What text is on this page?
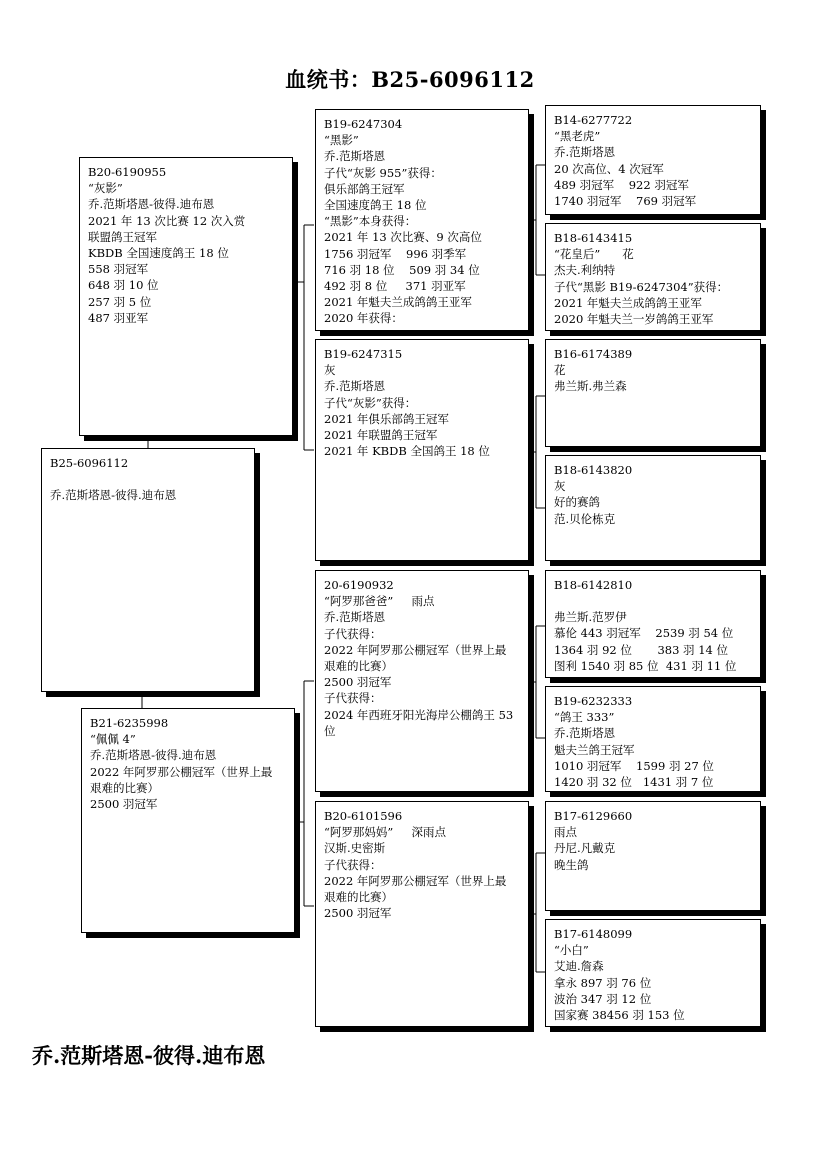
血统书：B25-6096112
B25-6096112
乔.范斯塔恩-彼得.迪布恩
B20-6190955
“灰影”
乔.范斯塔恩-彼得.迪布恩
2021 年 13 次比赛 12 次入赏
联盟鸽王冠军
KBDB 全国速度鸽王 18 位
558 羽冠军
648 羽 10 位
257 羽 5 位
487 羽亚军
B21-6235998
“佩佩 4”
乔.范斯塔恩-彼得.迪布恩
2022 年阿罗那公棚冠军（世界上最
艰难的比赛）
2500 羽冠军
B19-6247304
“黑影”
乔.范斯塔恩
子代“灰影 955”获得：
俱乐部鸽王冠军
全国速度鸽王 18 位
“黑影”本身获得：
2021 年 13 次比赛、9 次高位
1756 羽冠军    996 羽季军
716 羽 18 位    509 羽 34 位
492 羽 8 位     371 羽亚军
2021 年魁夫兰成鸽鸽王亚军
2020 年获得：
B19-6247315
灰
乔.范斯塔恩
子代“灰影”获得：
2021 年俱乐部鸽王冠军
2021 年联盟鸽王冠军
2021 年 KBDB 全国鸽王 18 位
20-6190932
“阿罗那爸爸”     雨点
乔.范斯塔恩
子代获得：
2022 年阿罗那公棚冠军（世界上最
艰难的比赛）
2500 羽冠军
子代获得：
2024 年西班牙阳光海岸公棚鸽王 53
位
B20-6101596
“阿罗那妈妈”     深雨点
汉斯.史密斯
子代获得：
2022 年阿罗那公棚冠军（世界上最
艰难的比赛）
2500 羽冠军
B14-6277722
“黑老虎”
乔.范斯塔恩
20 次高位、4 次冠军
489 羽冠军    922 羽冠军
1740 羽冠军    769 羽冠军
B18-6143415
“花皇后”      花
杰夫.利纳特
子代“黑影 B19-6247304”获得：
2021 年魁夫兰成鸽鸽王亚军
2020 年魁夫兰一岁鸽鸽王亚军
B16-6174389
花
弗兰斯.弗兰森
B18-6143820
灰
好的赛鸽
范.贝伦栋克
B18-6142810
弗兰斯.范罗伊
慕伦 443 羽冠军    2539 羽 54 位
1364 羽 92 位       383 羽 14 位
图利 1540 羽 85 位  431 羽 11 位
B19-6232333
“鸽王 333”
乔.范斯塔恩
魁夫兰鸽王冠军
1010 羽冠军    1599 羽 27 位
1420 羽 32 位   1431 羽 7 位
B17-6129660
雨点
丹尼.凡戴克
晚生鸽
B17-6148099
“小白”
艾迪.詹森
拿永 897 羽 76 位
波治 347 羽 12 位
国家赛 38456 羽 153 位
乔.范斯塔恩-彼得.迪布恩
